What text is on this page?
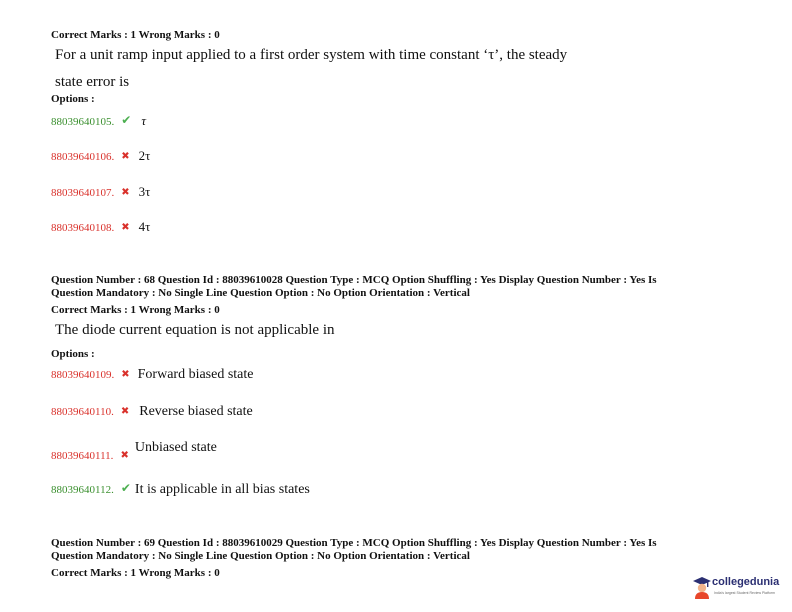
Correct Marks : 1 Wrong Marks : 0
For a unit ramp input applied to a first order system with time constant ‘τ’, the steady
state error is
Options :
88039640105. ✔ τ
88039640106. ✖ 2τ
88039640107. ✖ 3τ
88039640108. ✖ 4τ
Question Number : 68 Question Id : 88039610028 Question Type : MCQ Option Shuffling : Yes Display Question Number : Yes Is
Question Mandatory : No Single Line Question Option : No Option Orientation : Vertical
Correct Marks : 1 Wrong Marks : 0
The diode current equation is not applicable in
Options :
88039640109. ✖ Forward biased state
88039640110. ✖ Reverse biased state
$_{88039640111.}$ ✖ Unbiased state
88039640112. ✔ It is applicable in all bias states
Question Number : 69 Question Id : 88039610029 Question Type : MCQ Option Shuffling : Yes Display Question Number : Yes Is
Question Mandatory : No Single Line Question Option : No Option Orientation : Vertical
Correct Marks : 1 Wrong Marks : 0
collegedunia
India's largest Student Review Platform
